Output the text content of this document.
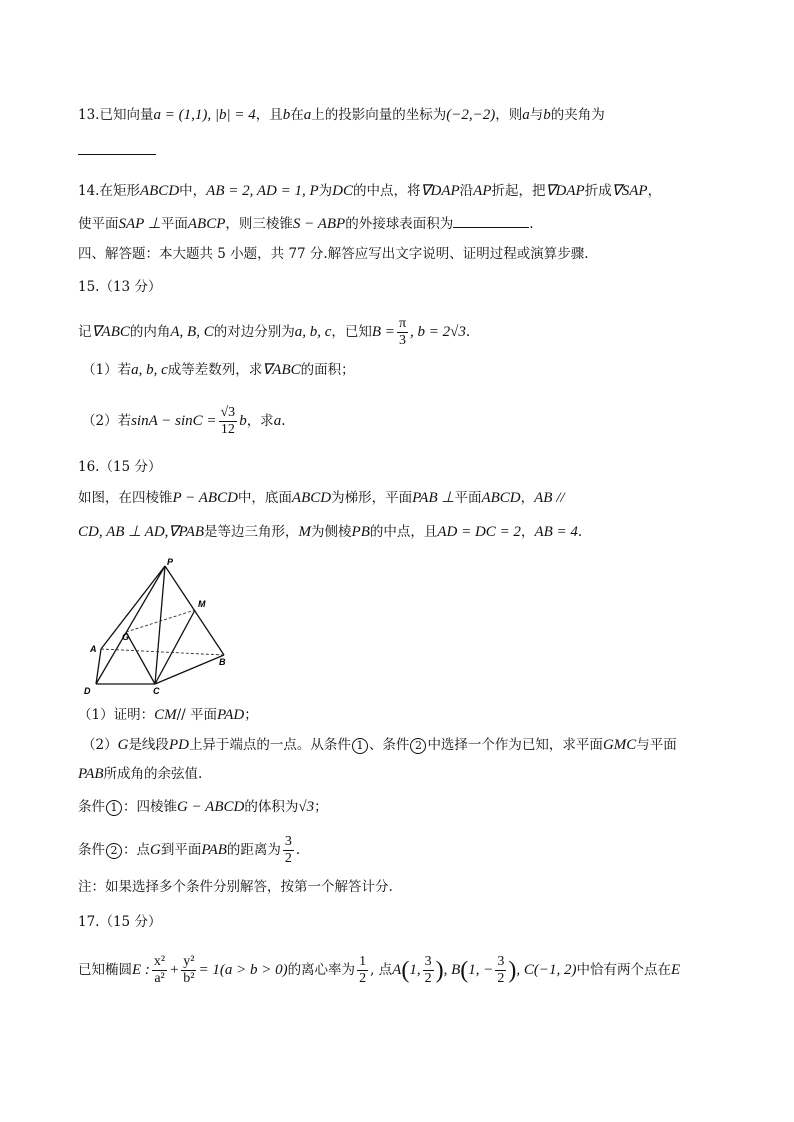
13.已知向量a = (1,1), |b| = 4，且b在a上的投影向量的坐标为(−2,−2)，则a与b的夹角为
14.在矩形ABCD中，AB = 2, AD = 1, P为DC的中点，将∇DAP沿AP折起，把∇DAP折成∇SAP，
使平面SAP ⊥平面ABCP，则三棱锥S − ABP的外接球表面积为	.
四、解答题：本大题共 5 小题，共 77 分.解答应写出文字说明、证明过程或演算步骤.
15.（13 分）
记∇ABC的内角A, B, C的对边分别为a, b, c，已知$B = \frac{\pi}{3}$ , b = 2√3.
（1）若a, b, c成等差数列，求∇ABC的面积；
（2）若$\sin A - \sin C = \frac{√3}{12}$ b，求a.
16.（15 分）
如图，在四棱锥P − ABCD中，底面ABCD为梯形，平面PAB ⊥平面ABCD，AB //
CD, AB ⊥ AD,∇PAB是等边三角形，M为侧棱PB的中点，且AD = DC = 2，AB = 4.
P
M
G
A
B
C
D
（1）证明：CM// 平面PAD；
（2）G是线段PD上异于端点的一点。从条件 1 、条件 2 中选择一个作为已知，求平面GMC与平面
PAB所成角的余弦值.
条件 1 ：四棱锥G − ABCD的体积为√3；
条件 2 ：点G到平面PAB的距离为 $\frac{3}{2}$ .
注：如果选择多个条件分别解答，按第一个解答计分.
17.（15 分）
已知椭圆E : $\frac{\text{x²}}{\text{a²}} + \frac{\text{y²}}{\text{b²}} = 1(a > b > 0)$的离心率为 $\frac{1}{2}$ , 点A(1, $\frac{3}{2}$ ), B(1, − $\frac{3}{2}$ ), C(−1, 2)中恰有两个点在E
